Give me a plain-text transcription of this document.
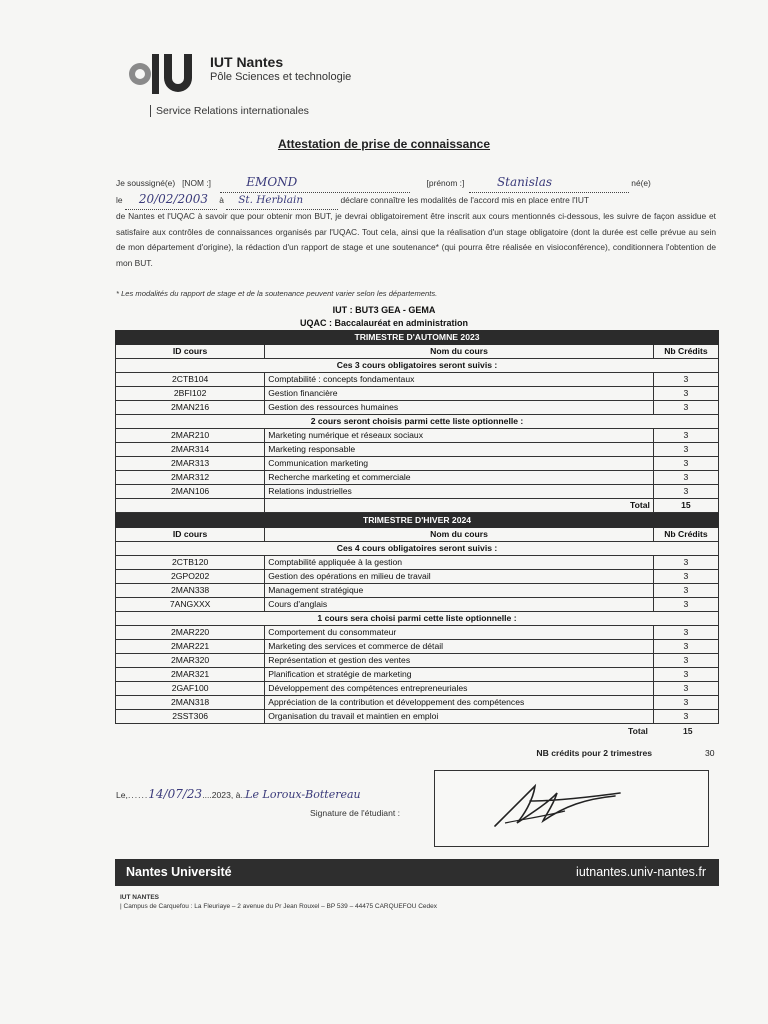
IUT Nantes
Pôle Sciences et technologie
Service Relations internationales
Attestation de prise de connaissance
Je soussigné(e) [NOM :]	EMOND	[prénom :]	Stanislas	né(e)
le 20/02/2003 à St. Herblain	déclare connaître les modalités de l'accord mis en place entre l'IUT
de Nantes et l'UQAC à savoir que pour obtenir mon BUT, je devrai obligatoirement être inscrit aux cours mentionnés ci-dessous, les suivre de façon assidue et satisfaire aux contrôles de connaissances organisés par l'UQAC. Tout cela, ainsi que la réalisation d'un stage obligatoire (dont la durée est celle prévue au sein de mon département d'origine), la rédaction d'un rapport de stage et une soutenance* (qui pourra être réalisée en visioconférence), conditionnera l'obtention de mon BUT.
* Les modalités du rapport de stage et de la soutenance peuvent varier selon les départements.
IUT : BUT3 GEA - GEMA
UQAC : Baccalauréat en administration
TRIMESTRE D'AUTOMNE 2023		
ID cours	Nom du cours	Nb Crédits
Ces 3 cours obligatoires seront suivis :		
2CTB104	Comptabilité : concepts fondamentaux	3
2BFI102	Gestion financière	3
2MAN216	Gestion des ressources humaines	3
2 cours seront choisis parmi cette liste optionnelle :		
2MAR210	Marketing numérique et réseaux sociaux	3
2MAR314	Marketing responsable	3
2MAR313	Communication marketing	3
2MAR312	Recherche marketing et commerciale	3
2MAN106	Relations industrielles	3
	Total	15
TRIMESTRE D'HIVER 2024		
ID cours	Nom du cours	Nb Crédits
Ces 4 cours obligatoires seront suivis :		
2CTB120	Comptabilité appliquée à la gestion	3
2GPO202	Gestion des opérations en milieu de travail	3
2MAN338	Management stratégique	3
7ANGXXX	Cours d'anglais	3
1 cours sera choisi parmi cette liste optionnelle :		
2MAR220	Comportement du consommateur	3
2MAR221	Marketing des services et commerce de détail	3
2MAR320	Représentation et gestion des ventes	3
2MAR321	Planification et stratégie de marketing	3
2GAF100	Développement des compétences entrepreneuriales	3
2MAN318	Appréciation de la contribution et développement des compétences	3
2SST306	Organisation du travail et maintien en emploi	3
Total	15
NB crédits pour 2 trimestres	30
Le,......14/07/23....2023, à..Le Loroux-Bottereau
Signature de l'étudiant :
Nantes Université	iutnantes.univ-nantes.fr
IUT NANTES
| Campus de Carquefou : La Fleuriaye – 2 avenue du Pr Jean Rouxel – BP 539 – 44475 CARQUEFOU Cedex
